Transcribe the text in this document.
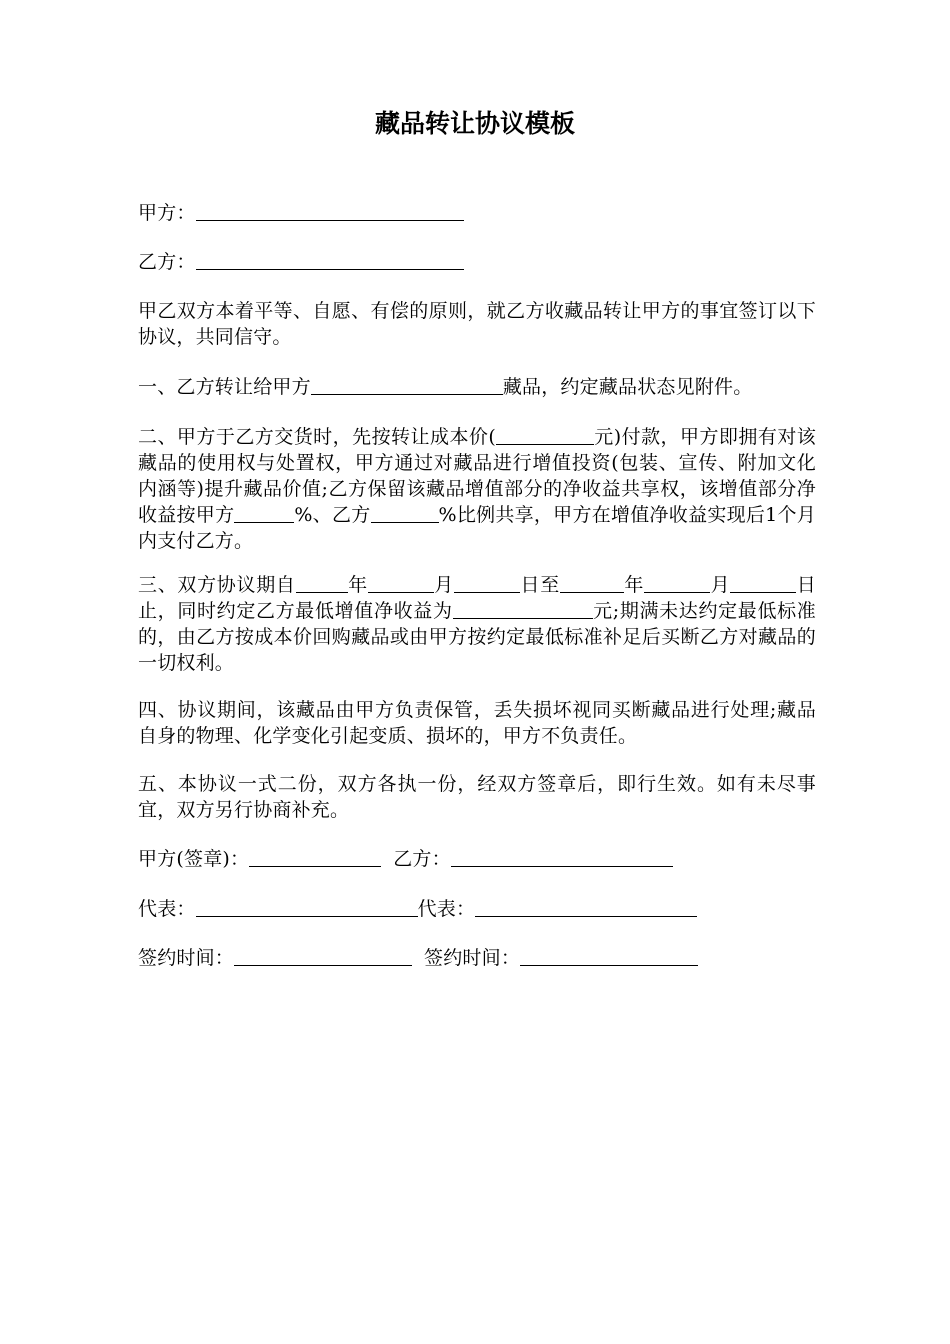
藏品转让协议模板
甲方：
乙方：
甲乙双方本着平等、自愿、有偿的原则，就乙方收藏品转让甲方的事宜签订以下协议，共同信守。
一、乙方转让给甲方	藏品，约定藏品状态见附件。
二、甲方于乙方交货时，先按转让成本价(	元)付款，甲方即拥有对该藏品的使用权与处置权，甲方通过对藏品进行增值投资(包装、宣传、附加文化内涵等)提升藏品价值;乙方保留该藏品增值部分的净收益共享权，该增值部分净收益按甲方	%、乙方	%比例共享，甲方在增值净收益实现后1个月内支付乙方。
三、双方协议期自	年	月	日至	年	月	日止，同时约定乙方最低增值净收益为	元;期满未达约定最低标准的，由乙方按成本价回购藏品或由甲方按约定最低标准补足后买断乙方对藏品的一切权利。
四、协议期间，该藏品由甲方负责保管，丢失损坏视同买断藏品进行处理;藏品自身的物理、化学变化引起变质、损坏的，甲方不负责任。
五、本协议一式二份，双方各执一份，经双方签章后，即行生效。如有未尽事宜，双方另行协商补充。
甲方(签章)：	乙方：
代表：	代表：
签约时间：	签约时间：
